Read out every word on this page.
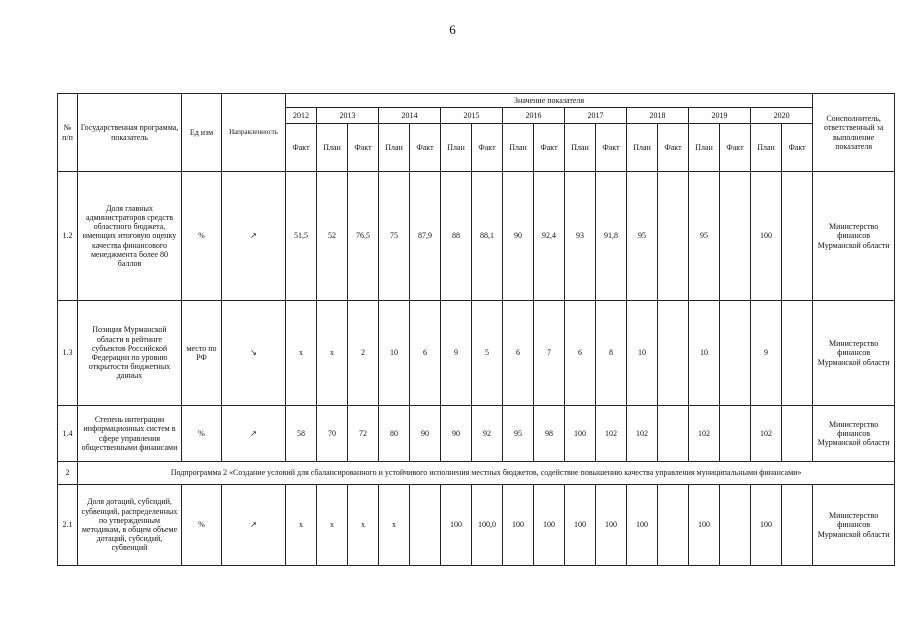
6
№ п/п	Государственная программа, показатель	Ед изм	Направленность	Значение показателя																	Соисполнитель, ответственный за выполнение показателя
				2012	2013		2014		2015		2016		2017		2018		2019		2020		
				Факт	План	Факт	План	Факт	План	Факт	План	Факт	План	Факт	План	Факт	План	Факт	План	Факт	
1.2	Доля главных администраторов средств областного бюджета, имеющих итоговую оценку качества финансового менеджмента более 80 баллов	%	↗	51,5	52	76,5	75	87,9	88	88,1	90	92,4	93	91,8	95		95		100		Министерство финансов Мурманской области
1.3	Позиция Мурманской области в рейтинге субъектов Российской Федерации по уровню открытости бюджетных данных	место по РФ	↘	x	x	2	10	6	9	5	6	7	6	8	10		10		9		Министерство финансов Мурманской области
1.4	Степень интеграции информационных систем в сфере управления общественными финансами	%	↗	58	70	72	80	90	90	92	95	98	100	102	102		102		102		Министерство финансов Мурманской области
2	Подпрограмма 2 «Создание условий для сбалансированного и устойчивого исполнения местных бюджетов, содействие повышению качества управления муниципальными финансами»																				
2.1	Доля дотаций, субсидий, субвенций, распределенных по утвержденным методикам, в общем объеме дотаций, субсидий, субвенций	%	↗	x	x	x	x		100	100,0	100	100	100	100	100		100		100		Министерство финансов Мурманской области
